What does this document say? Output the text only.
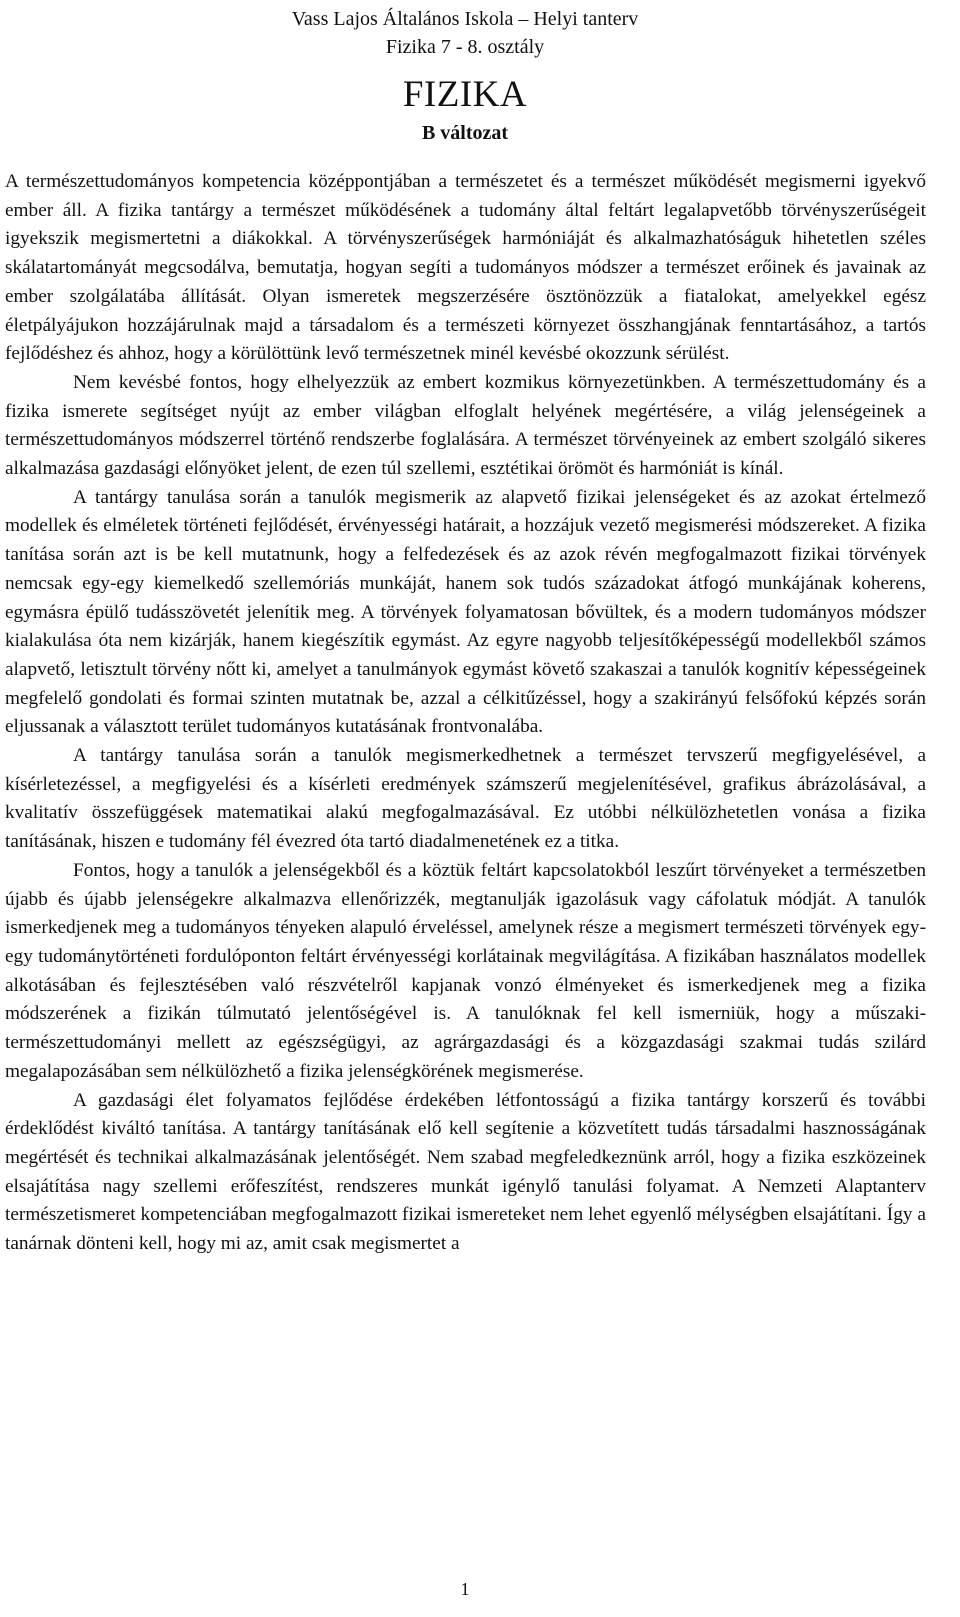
Vass Lajos Általános Iskola – Helyi tanterv
Fizika 7 - 8. osztály
FIZIKA
B változat

A természettudományos kompetencia középpontjában a természetet és a természet működését megismerni igyekvő ember áll. A fizika tantárgy a természet működésének a tudomány által feltárt legalapvetőbb törvényszerűségeit igyekszik megismertetni a diákokkal. A törvényszerűségek harmóniáját és alkalmazhatóságuk hihetetlen széles skálatartományát megcsodálva, bemutatja, hogyan segíti a tudományos módszer a természet erőinek és javainak az ember szolgálatába állítását. Olyan ismeretek megszerzésére ösztönözzük a fiatalokat, amelyekkel egész életpályájukon hozzájárulnak majd a társadalom és a természeti környezet összhangjának fenntartásához, a tartós fejlődéshez és ahhoz, hogy a körülöttünk levő természetnek minél kevésbé okozzunk sérülést.

Nem kevésbé fontos, hogy elhelyezzük az embert kozmikus környezetünkben. A természettudomány és a fizika ismerete segítséget nyújt az ember világban elfoglalt helyének megértésére, a világ jelenségeinek a természettudományos módszerrel történő rendszerbe foglalására. A természet törvényeinek az embert szolgáló sikeres alkalmazása gazdasági előnyöket jelent, de ezen túl szellemi, esztétikai örömöt és harmóniát is kínál.

A tantárgy tanulása során a tanulók megismerik az alapvető fizikai jelenségeket és az azokat értelmező modellek és elméletek történeti fejlődését, érvényességi határait, a hozzájuk vezető megismerési módszereket. A fizika tanítása során azt is be kell mutatnunk, hogy a felfedezések és az azok révén megfogalmazott fizikai törvények nemcsak egy-egy kiemelkedő szellemóriás munkáját, hanem sok tudós századokat átfogó munkájának koherens, egymásra épülő tudásszövetét jelenítik meg. A törvények folyamatosan bővültek, és a modern tudományos módszer kialakulása óta nem kizárják, hanem kiegészítik egymást. Az egyre nagyobb teljesítőképességű modellekből számos alapvető, letisztult törvény nőtt ki, amelyet a tanulmányok egymást követő szakaszai a tanulók kognitív képességeinek megfelelő gondolati és formai szinten mutatnak be, azzal a célkitűzéssel, hogy a szakirányú felsőfokú képzés során eljussanak a választott terület tudományos kutatásának frontvonalába.

A tantárgy tanulása során a tanulók megismerkedhetnek a természet tervszerű megfigyelésével, a kísérletezéssel, a megfigyelési és a kísérleti eredmények számszerű megjelenítésével, grafikus ábrázolásával, a kvalitatív összefüggések matematikai alakú megfogalmazásával. Ez utóbbi nélkülözhetetlen vonása a fizika tanításának, hiszen e tudomány fél évezred óta tartó diadalmenetének ez a titka.

Fontos, hogy a tanulók a jelenségekből és a köztük feltárt kapcsolatokból leszűrt törvényeket a természetben újabb és újabb jelenségekre alkalmazva ellenőrizzék, megtanulják igazolásuk vagy cáfolatuk módját. A tanulók ismerkedjenek meg a tudományos tényeken alapuló érveléssel, amelynek része a megismert természeti törvények egy-egy tudománytörténeti fordulóponton feltárt érvényességi korlátainak megvilágítása. A fizikában használatos modellek alkotásában és fejlesztésében való részvételről kapjanak vonzó élményeket és ismerkedjenek meg a fizika módszerének a fizikán túlmutató jelentőségével is. A tanulóknak fel kell ismerniük, hogy a műszaki-természettudományi mellett az egészségügyi, az agrárgazdasági és a közgazdasági szakmai tudás szilárd megalapozásában sem nélkülözhető a fizika jelenségkörének megismerése.

A gazdasági élet folyamatos fejlődése érdekében létfontosságú a fizika tantárgy korszerű és további érdeklődést kiváltó tanítása. A tantárgy tanításának elő kell segítenie a közvetített tudás társadalmi hasznosságának megértését és technikai alkalmazásának jelentőségét. Nem szabad megfeledkeznünk arról, hogy a fizika eszközeinek elsajátítása nagy szellemi erőfeszítést, rendszeres munkát igénylő tanulási folyamat. A Nemzeti Alaptanterv természetismeret kompetenciában megfogalmazott fizikai ismereteket nem lehet egyenlő mélységben elsajátítani. Így a tanárnak dönteni kell, hogy mi az, amit csak megismertet a

1
